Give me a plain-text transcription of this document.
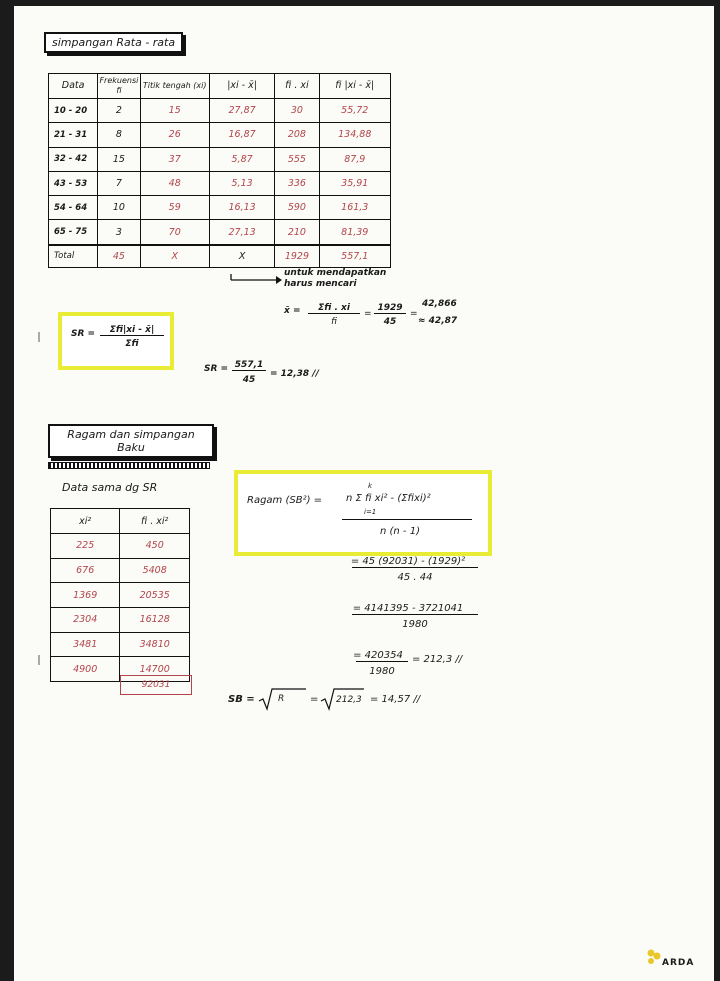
simpangan Rata - rata
Data	Frekuensi
fi	Titik tengah (xi)	|xi - x̄|	fi . xi	fi |xi - x̄|
10 - 20	2	15	27,87	30	55,72
21 - 31	8	26	16,87	208	134,88
32 - 42	15	37	5,87	555	87,9
43 - 53	7	48	5,13	336	35,91
54 - 64	10	59	16,13	590	161,3
65 - 75	3	70	27,13	210	81,39
Total	45	X	X	1929	557,1
untuk mendapatkan
harus mencari
x̄ =	Σfi . xi
fi
= $\frac{1929}{45}$ =
42,866
≈ 42,87
SR =	Σfi|xi - x̄|
Σfi
SR = $\frac{557,1}{45} = 12,38$ //
Ragam dan simpangan
Baku
Data sama dg SR
xi²	fi . xi²
225	450
676	5408
1369	20535
2304	16128
3481	34810
4900	14700
92031
Ragam (SB²) =
k
i=1
n Σ fi xi² - (Σfixi)²
n (n - 1)
$\frac{\text{= 45 (92031) - (1929)²}}{45 . 44}$
$\frac{= 4141395 - 3721041}{1980}$
$\frac{= 420354}{1980} = 212,3$ //
SB =	R	= 212,3 = 14,57 //
ARDA
